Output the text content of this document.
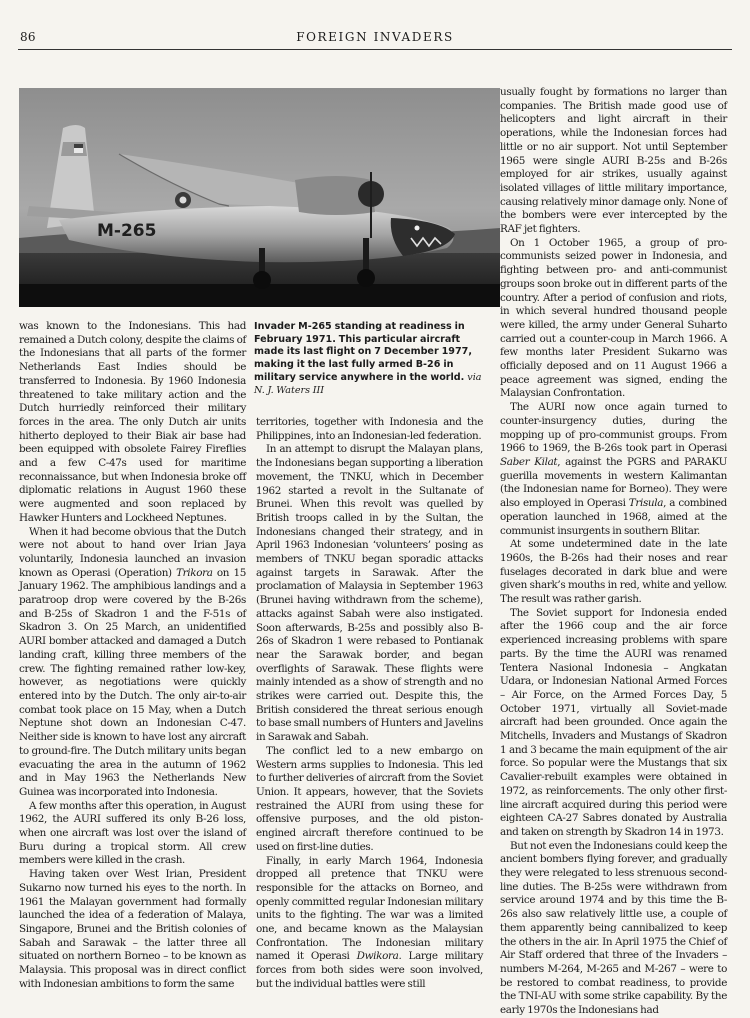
86	FOREIGN INVADERS
M-265
Invader M-265 standing at readiness in February 1971. This particular aircraft made its last flight on 7 December 1977, making it the last fully armed B-26 in military service anywhere in the world. via N. J. Waters III

was known to the Indonesians. This had remained a Dutch colony, despite the claims of the Indonesians that all parts of the former Netherlands East Indies should be transferred to Indonesia. By 1960 Indonesia threatened to take military action and the Dutch hurriedly reinforced their military forces in the area. The only Dutch air units hitherto deployed to their Biak air base had been equipped with obsolete Fairey Fireflies and a few C-47s used for maritime reconnaissance, but when Indonesia broke off diplomatic relations in August 1960 these were augmented and soon replaced by Hawker Hunters and Lockheed Neptunes.

When it had become obvious that the Dutch were not about to hand over Irian Jaya voluntarily, Indonesia launched an invasion known as Operasi (Operation) Trikora on 15 January 1962. The amphibious landings and a paratroop drop were covered by the B-26s and B-25s of Skadron 1 and the F-51s of Skadron 3. On 25 March, an unidentified AURI bomber attacked and damaged a Dutch landing craft, killing three members of the crew. The fighting remained rather low-key, however, as negotiations were quickly entered into by the Dutch. The only air-to-air combat took place on 15 May, when a Dutch Neptune shot down an Indonesian C-47. Neither side is known to have lost any aircraft to ground-fire. The Dutch military units began evacuating the area in the autumn of 1962 and in May 1963 the Netherlands New Guinea was incorporated into Indonesia.

A few months after this operation, in August 1962, the AURI suffered its only B-26 loss, when one aircraft was lost over the island of Buru during a tropical storm. All crew members were killed in the crash.

Having taken over West Irian, President Sukarno now turned his eyes to the north. In 1961 the Malayan government had formally launched the idea of a federation of Malaya, Singapore, Brunei and the British colonies of Sabah and Sarawak – the latter three all situated on northern Borneo – to be known as Malaysia. This proposal was in direct conflict with Indonesian ambitions to form the same

territories, together with Indonesia and the Philippines, into an Indonesian-led federation.

In an attempt to disrupt the Malayan plans, the Indonesians began supporting a liberation movement, the TNKU, which in December 1962 started a revolt in the Sultanate of Brunei. When this revolt was quelled by British troops called in by the Sultan, the Indonesians changed their strategy, and in April 1963 Indonesian ‘volunteers’ posing as members of TNKU began sporadic attacks against targets in Sarawak. After the proclamation of Malaysia in September 1963 (Brunei having withdrawn from the scheme), attacks against Sabah were also instigated. Soon afterwards, B-25s and possibly also B-26s of Skadron 1 were rebased to Pontianak near the Sarawak border, and began overflights of Sarawak. These flights were mainly intended as a show of strength and no strikes were carried out. Despite this, the British considered the threat serious enough to base small numbers of Hunters and Javelins in Sarawak and Sabah.

The conflict led to a new embargo on Western arms supplies to Indonesia. This led to further deliveries of aircraft from the Soviet Union. It appears, however, that the Soviets restrained the AURI from using these for offensive purposes, and the old piston-engined aircraft therefore continued to be used on first-line duties.

Finally, in early March 1964, Indonesia dropped all pretence that TNKU were responsible for the attacks on Borneo, and openly committed regular Indonesian military units to the fighting. The war was a limited one, and became known as the Malaysian Confrontation. The Indonesian military named it Operasi Dwikora. Large military forces from both sides were soon involved, but the individual battles were still

usually fought by formations no larger than companies. The British made good use of helicopters and light aircraft in their operations, while the Indonesian forces had little or no air support. Not until September 1965 were single AURI B-25s and B-26s employed for air strikes, usually against isolated villages of little military importance, causing relatively minor damage only. None of the bombers were ever intercepted by the RAF jet fighters.

On 1 October 1965, a group of pro-communists seized power in Indonesia, and fighting between pro- and anti-communist groups soon broke out in different parts of the country. After a period of confusion and riots, in which several hundred thousand people were killed, the army under General Suharto carried out a counter-coup in March 1966. A few months later President Sukarno was officially deposed and on 11 August 1966 a peace agreement was signed, ending the Malaysian Confrontation.

The AURI now once again turned to counter-insurgency duties, during the mopping up of pro-communist groups. From 1966 to 1969, the B-26s took part in Operasi Saber Kilat, against the PGRS and PARAKU guerilla movements in western Kalimantan (the Indonesian name for Borneo). They were also employed in Operasi Trisula, a combined operation launched in 1968, aimed at the communist insurgents in southern Blitar.

At some undetermined date in the late 1960s, the B-26s had their noses and rear fuselages decorated in dark blue and were given shark’s mouths in red, white and yellow. The result was rather garish.

The Soviet support for Indonesia ended after the 1966 coup and the air force experienced increasing problems with spare parts. By the time the AURI was renamed Tentera Nasional Indonesia – Angkatan Udara, or Indonesian National Armed Forces – Air Force, on the Armed Forces Day, 5 October 1971, virtually all Soviet-made aircraft had been grounded. Once again the Mitchells, Invaders and Mustangs of Skadron 1 and 3 became the main equipment of the air force. So popular were the Mustangs that six Cavalier-rebuilt examples were obtained in 1972, as reinforcements. The only other first-line aircraft acquired during this period were eighteen CA-27 Sabres donated by Australia and taken on strength by Skadron 14 in 1973.

But not even the Indonesians could keep the ancient bombers flying forever, and gradually they were relegated to less strenuous second-line duties. The B-25s were withdrawn from service around 1974 and by this time the B-26s also saw relatively little use, a couple of them apparently being cannibalized to keep the others in the air. In April 1975 the Chief of Air Staff ordered that three of the Invaders – numbers M-264, M-265 and M-267 – were to be restored to combat readiness, to provide the TNI-AU with some strike capability. By the early 1970s the Indonesians had
